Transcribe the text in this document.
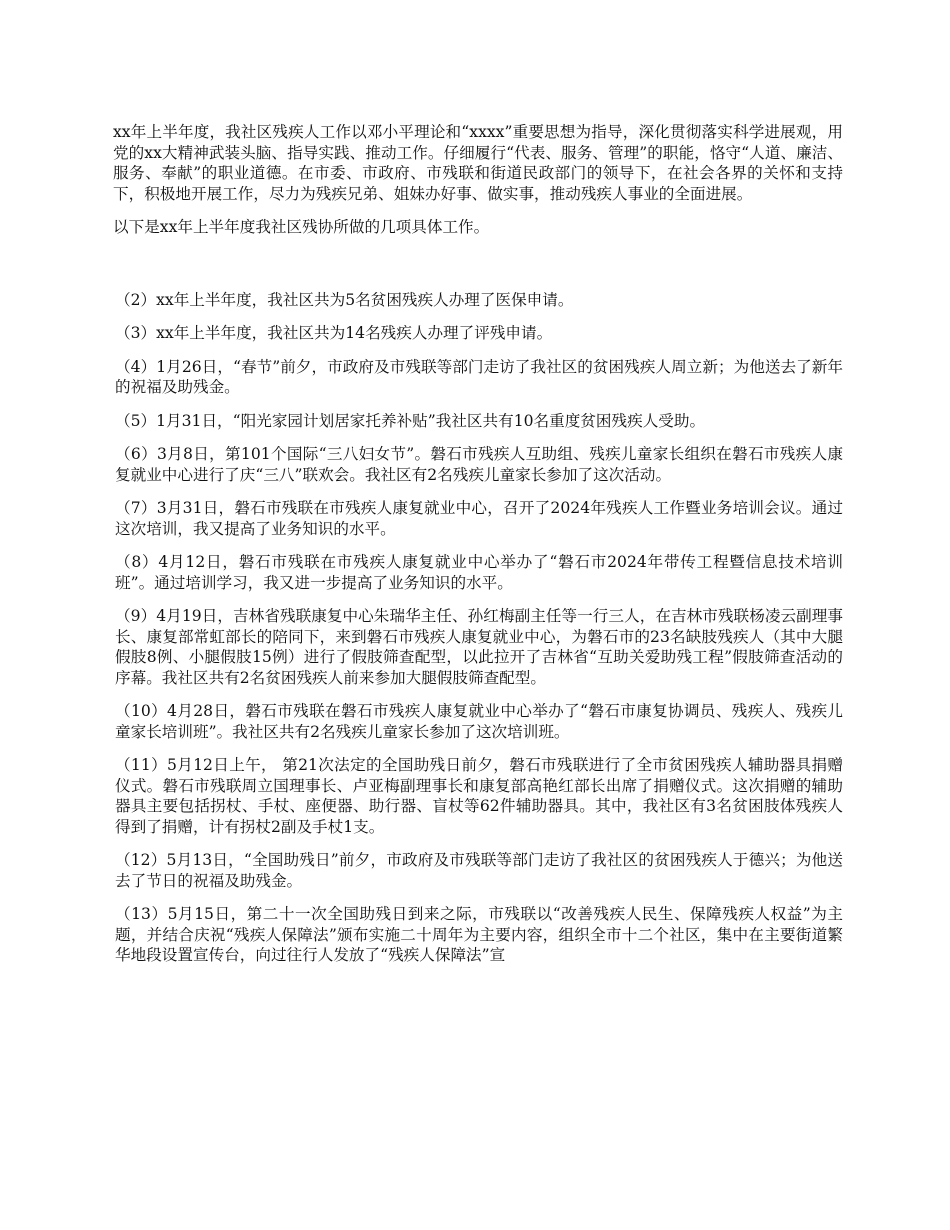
xx年上半年度，我社区残疾人工作以邓小平理论和“xxxx”重要思想为指导，深化贯彻落实科学进展观，用党的xx大精神武装头脑、指导实践、推动工作。仔细履行“代表、服务、管理”的职能，恪守“人道、廉洁、服务、奉献”的职业道德。在市委、市政府、市残联和街道民政部门的领导下，在社会各界的关怀和支持下，积极地开展工作，尽力为残疾兄弟、姐妹办好事、做实事，推动残疾人事业的全面进展。

以下是xx年上半年度我社区残协所做的几项具体工作。

（2）xx年上半年度，我社区共为5名贫困残疾人办理了医保申请。

（3）xx年上半年度，我社区共为14名残疾人办理了评残申请。

（4）1月26日，“春节”前夕，市政府及市残联等部门走访了我社区的贫困残疾人周立新；为他送去了新年的祝福及助残金。

（5）1月31日，“阳光家园计划居家托养补贴”我社区共有10名重度贫困残疾人受助。

（6）3月8日，第101个国际“三八妇女节”。磐石市残疾人互助组、残疾儿童家长组织在磐石市残疾人康复就业中心进行了庆“三八”联欢会。我社区有2名残疾儿童家长参加了这次活动。

（7）3月31日，磐石市残联在市残疾人康复就业中心，召开了2024年残疾人工作暨业务培训会议。通过这次培训，我又提高了业务知识的水平。

（8）4月12日，磐石市残联在市残疾人康复就业中心举办了“磐石市2024年带传工程暨信息技术培训班”。通过培训学习，我又进一步提高了业务知识的水平。

（9）4月19日，吉林省残联康复中心朱瑞华主任、孙红梅副主任等一行三人，在吉林市残联杨凌云副理事长、康复部常虹部长的陪同下，来到磐石市残疾人康复就业中心，为磐石市的23名缺肢残疾人（其中大腿假肢8例、小腿假肢15例）进行了假肢筛查配型，以此拉开了吉林省“互助关爱助残工程”假肢筛查活动的序幕。我社区共有2名贫困残疾人前来参加大腿假肢筛查配型。

（10）4月28日，磐石市残联在磐石市残疾人康复就业中心举办了“磐石市康复协调员、残疾人、残疾儿童家长培训班”。我社区共有2名残疾儿童家长参加了这次培训班。

（11）5月12日上午， 第21次法定的全国助残日前夕，磐石市残联进行了全市贫困残疾人辅助器具捐赠仪式。磐石市残联周立国理事长、卢亚梅副理事长和康复部高艳红部长出席了捐赠仪式。这次捐赠的辅助器具主要包括拐杖、手杖、座便器、助行器、盲杖等62件辅助器具。其中，我社区有3名贫困肢体残疾人得到了捐赠，计有拐杖2副及手杖1支。

（12）5月13日，“全国助残日”前夕，市政府及市残联等部门走访了我社区的贫困残疾人于德兴；为他送去了节日的祝福及助残金。

（13）5月15日，第二十一次全国助残日到来之际，市残联以“改善残疾人民生、保障残疾人权益”为主题，并结合庆祝“残疾人保障法”颁布实施二十周年为主要内容，组织全市十二个社区，集中在主要街道繁华地段设置宣传台，向过往行人发放了“残疾人保障法”宣
